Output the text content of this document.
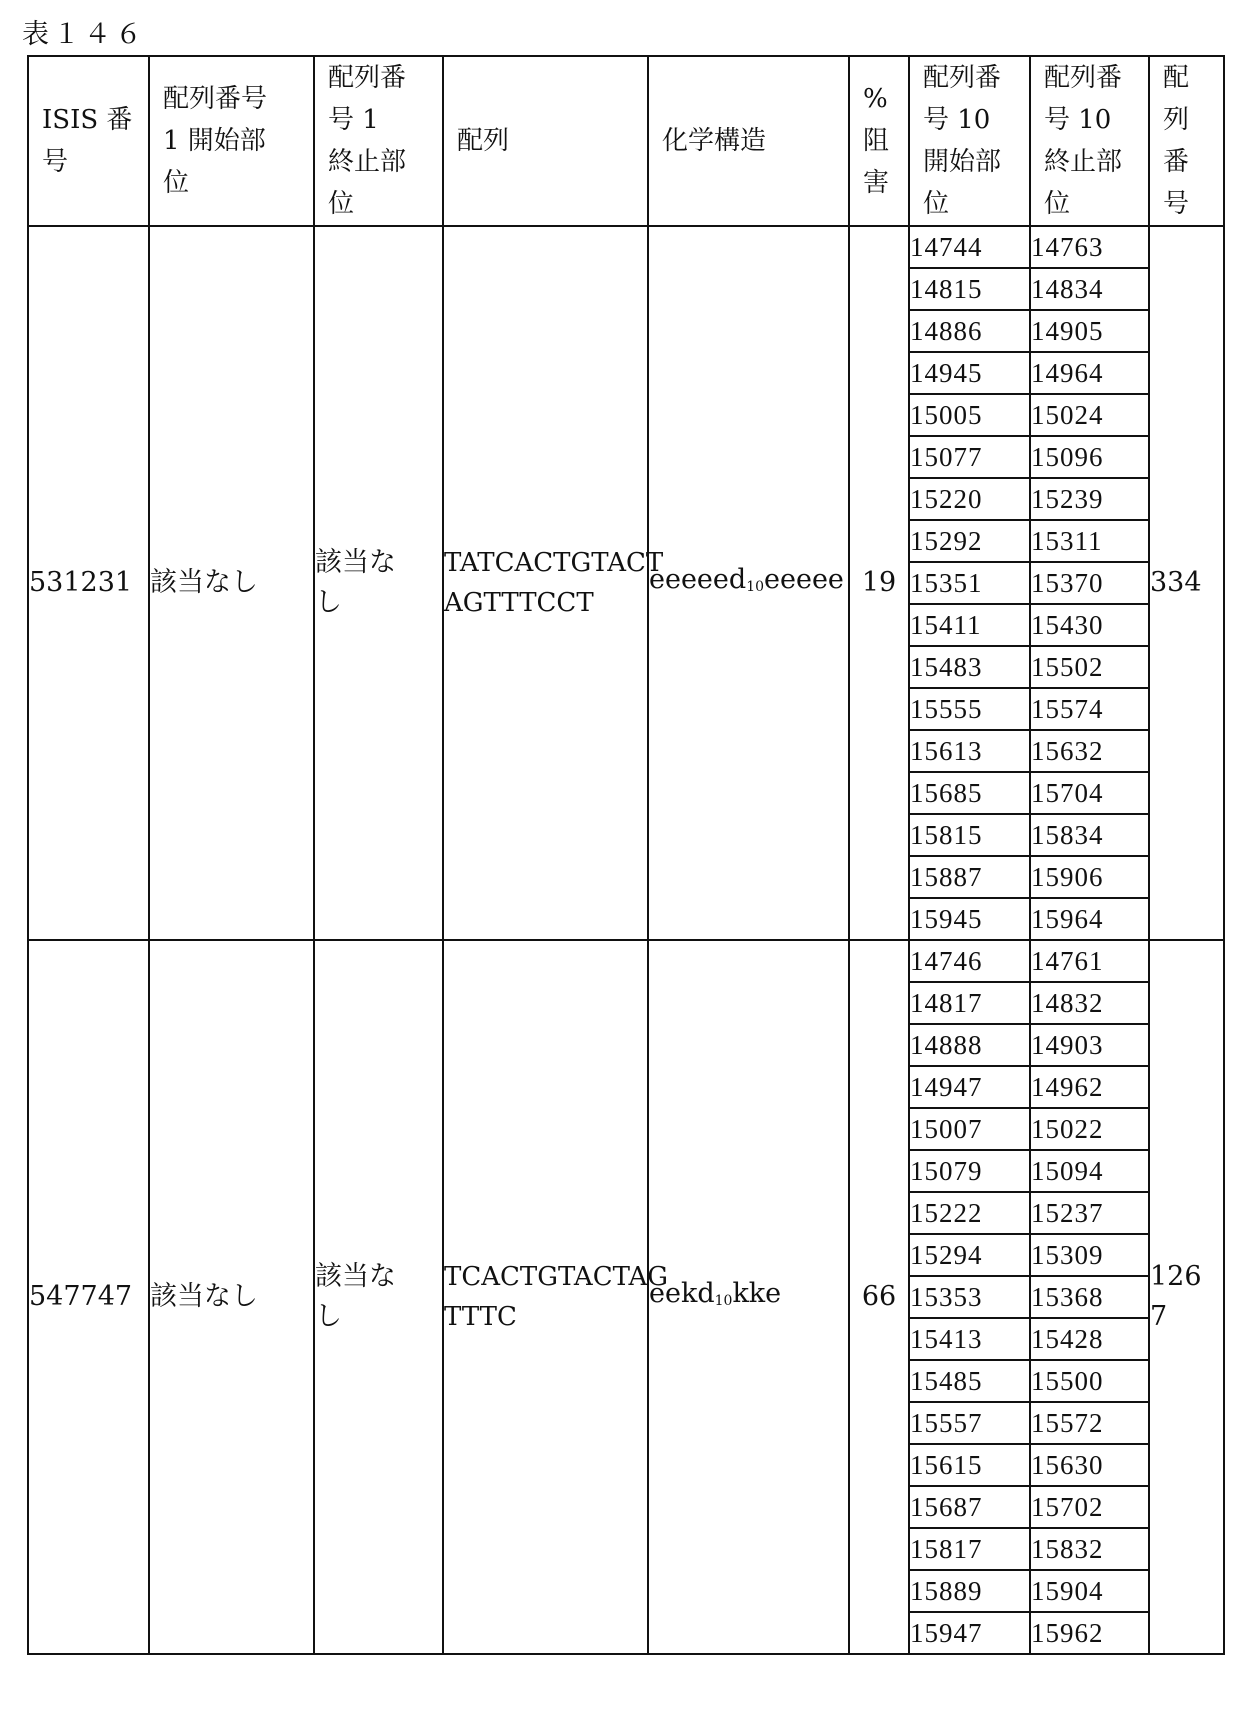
表１４６
ISIS 番
号	配列番号
1 開始部
位	配列番
号 1
終止部
位	配列	化学構造	%
阻
害	配列番
号 10
開始部
位	配列番
号 10
終止部
位	配
列
番
号
531231	該当なし	該当な
し	TATCACTGTACT
AGTTTCCT	eeeeed$_{10}$eeeee	19	14744	14763	334
						14815	14834	
						14886	14905	
						14945	14964	
						15005	15024	
						15077	15096	
						15220	15239	
						15292	15311	
						15351	15370	
						15411	15430	
						15483	15502	
						15555	15574	
						15613	15632	
						15685	15704	
						15815	15834	
						15887	15906	
						15945	15964	
547747	該当なし	該当な
し	TCACTGTACTAG
TTTC	eekd$_{10}$kke	66	14746	14761	126
7
						14817	14832	
						14888	14903	
						14947	14962	
						15007	15022	
						15079	15094	
						15222	15237	
						15294	15309	
						15353	15368	
						15413	15428	
						15485	15500	
						15557	15572	
						15615	15630	
						15687	15702	
						15817	15832	
						15889	15904	
						15947	15962	
